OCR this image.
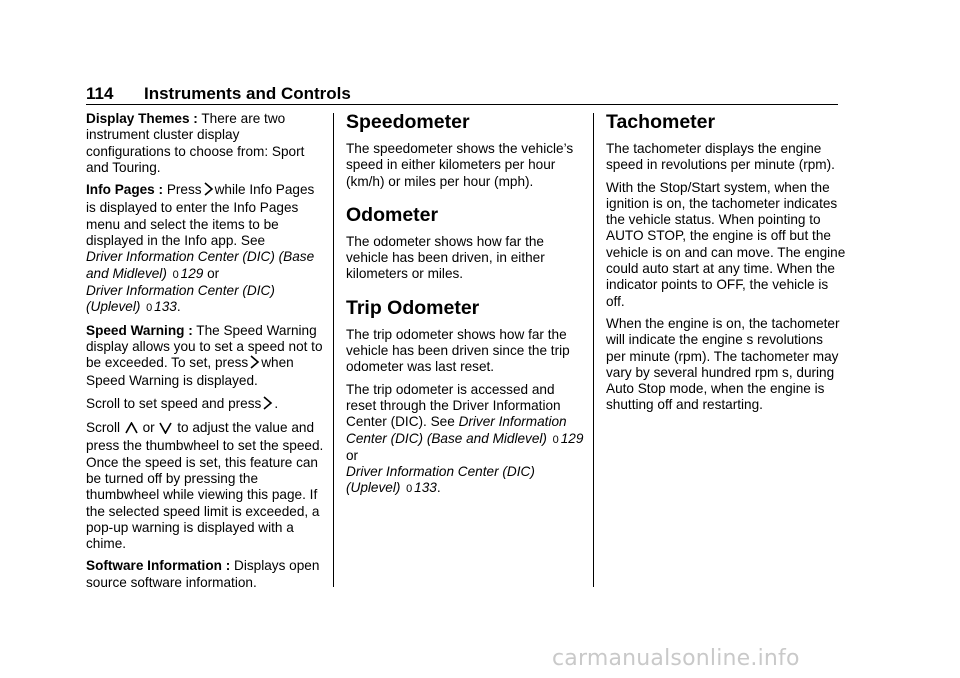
114 Instruments and Controls

Display Themes : There are two instrument cluster display configurations to choose from: Sport and Touring.

Info Pages : Press while Info Pages is displayed to enter the Info Pages menu and select the items to be displayed in the Info app. See
Driver Information Center (DIC) (Base and Midlevel) 0 129 or
Driver Information Center (DIC) (Uplevel) 0 133.

Speed Warning : The Speed Warning display allows you to set a speed not to be exceeded. To set, press when Speed Warning is displayed.

Scroll to set speed and press .

Scroll or to adjust the value and press the thumbwheel to set the speed. Once the speed is set, this feature can be turned off by pressing the thumbwheel while viewing this page. If the selected speed limit is exceeded, a pop-up warning is displayed with a chime.

Software Information : Displays open source software information.

Speedometer

The speedometer shows the vehicle’s speed in either kilometers per hour (km/h) or miles per hour (mph).

Odometer

The odometer shows how far the vehicle has been driven, in either kilometers or miles.

Trip Odometer

The trip odometer shows how far the vehicle has been driven since the trip odometer was last reset.

The trip odometer is accessed and reset through the Driver Information Center (DIC). See Driver Information Center (DIC) (Base and Midlevel) 0 129 or
Driver Information Center (DIC) (Uplevel) 0 133.

Tachometer

The tachometer displays the engine speed in revolutions per minute (rpm).

With the Stop/Start system, when the ignition is on, the tachometer indicates the vehicle status. When pointing to AUTO STOP, the engine is off but the vehicle is on and can move. The engine could auto start at any time. When the indicator points to OFF, the vehicle is off.

When the engine is on, the tachometer will indicate the engine s revolutions per minute (rpm). The tachometer may vary by several hundred rpm s, during Auto Stop mode, when the engine is shutting off and restarting.

carmanualsonline.info
